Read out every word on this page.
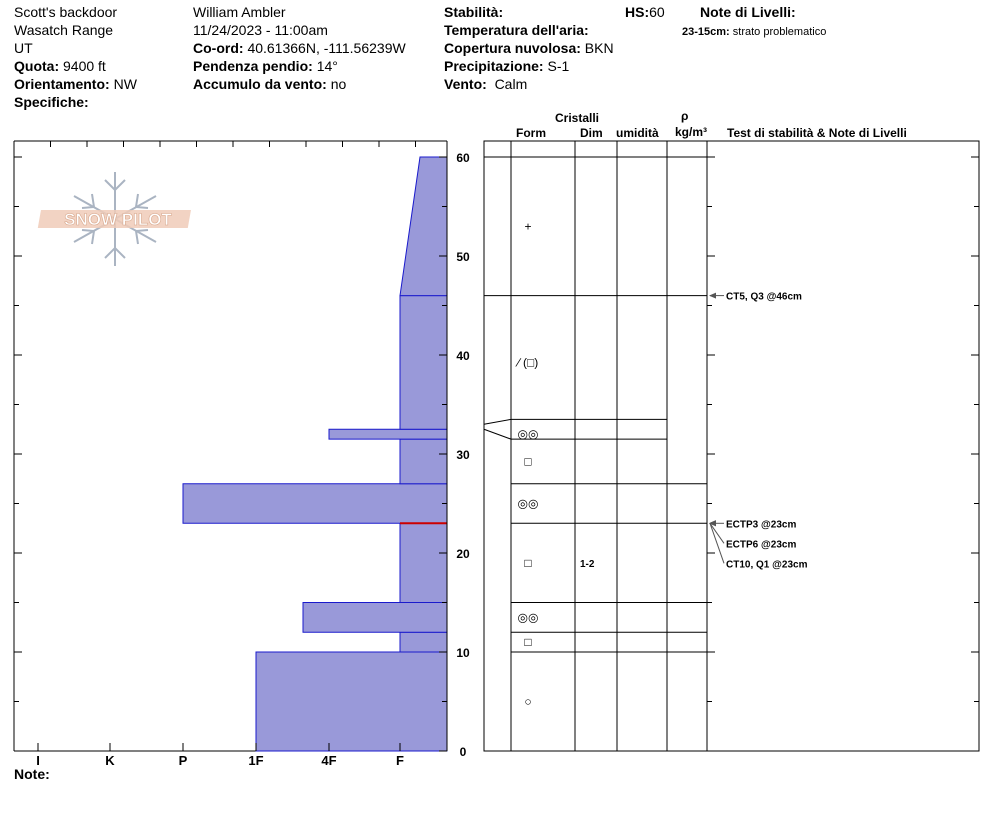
Scott's backdoor
Wasatch Range
UT
Quota: 9400 ft
Orientamento: NW
Specifiche:
William Ambler
11/24/2023 - 11:00am
Co-ord: 40.61366N, -111.56239W
Pendenza pendio: 14°
Accumulo da vento: no
Stabilità:
Temperatura dell'aria:
Copertura nuvolosa: BKN
Precipitazione: S-1
Vento: Calm
HS:60	Note di Livelli:
23-15cm: strato problematico
Cristalli
Form	Dim umidità
ρ
kg/m³ Test di stabilità & Note di Livelli
Note:
SNOW PILOT
I	K	P	1F	4F	F
0
10
20
30
40
50
60
○
□
◎◎
□	1-2
◎◎
□
◎◎
∕ (□)
+
CT5, Q3 @46cm
ECTP3 @23cm
ECTP6 @23cm
CT10, Q1 @23cm
